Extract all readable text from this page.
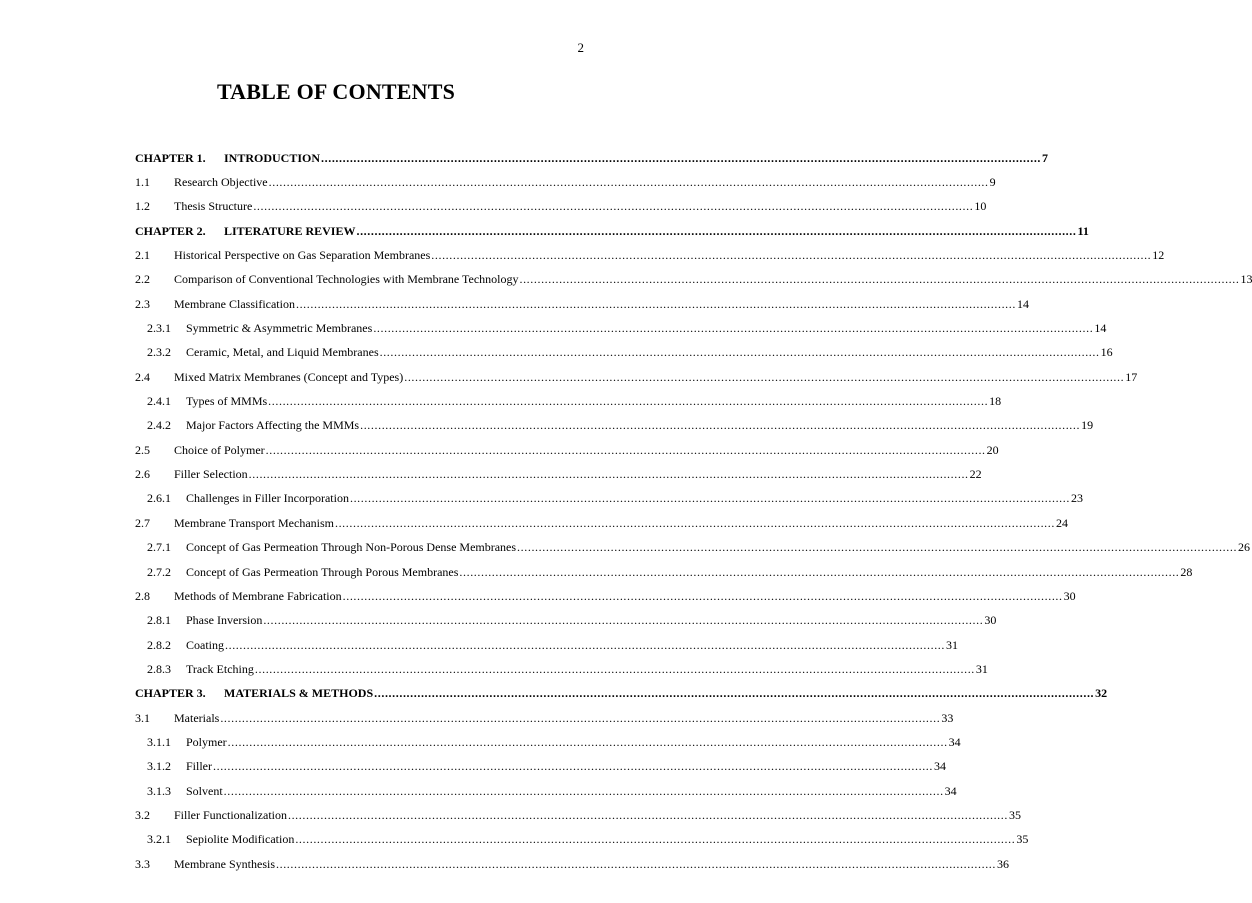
2
TABLE OF CONTENTS
CHAPTER 1.	INTRODUCTION .....	7
1.1	Research Objective .....	9
1.2	Thesis Structure .....	10
CHAPTER 2.	LITERATURE REVIEW .....	11
2.1	Historical Perspective on Gas Separation Membranes .....	12
2.2	Comparison of Conventional Technologies with Membrane Technology .....	13
2.3	Membrane Classification .....	14
2.3.1	Symmetric & Asymmetric Membranes .....	14
2.3.2	Ceramic, Metal, and Liquid Membranes .....	16
2.4	Mixed Matrix Membranes (Concept and Types) .....	17
2.4.1	Types of MMMs .....	18
2.4.2	Major Factors Affecting the MMMs .....	19
2.5	Choice of Polymer .....	20
2.6	Filler Selection .....	22
2.6.1	Challenges in Filler Incorporation .....	23
2.7	Membrane Transport Mechanism .....	24
2.7.1	Concept of Gas Permeation Through Non-Porous Dense Membranes .....	26
2.7.2	Concept of Gas Permeation Through Porous Membranes .....	28
2.8	Methods of Membrane Fabrication .....	30
2.8.1	Phase Inversion .....	30
2.8.2	Coating .....	31
2.8.3	Track Etching .....	31
CHAPTER 3.	MATERIALS & METHODS .....	32
3.1	Materials .....	33
3.1.1	Polymer .....	34
3.1.2	Filler .....	34
3.1.3	Solvent .....	34
3.2	Filler Functionalization .....	35
3.2.1	Sepiolite Modification .....	35
3.3	Membrane Synthesis .....	36
